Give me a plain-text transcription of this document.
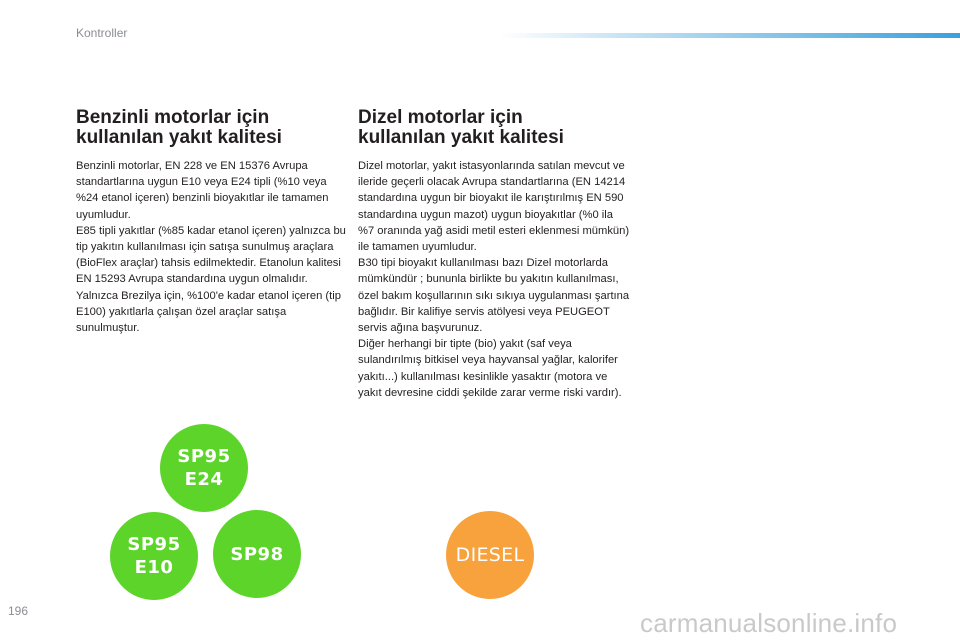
Kontroller
Benzinli motorlar için
kullanılan yakıt kalitesi

Benzinli motorlar, EN 228 ve EN 15376 Avrupa standartlarına uygun E10 veya E24 tipli (%10 veya %24 etanol içeren) benzinli bioyakıtlar ile tamamen uyumludur.
E85 tipli yakıtlar (%85 kadar etanol içeren) yalnızca bu tip yakıtın kullanılması için satışa sunulmuş araçlara (BioFlex araçlar) tahsis edilmektedir. Etanolun kalitesi EN 15293 Avrupa standardına uygun olmalıdır.
Yalnızca Brezilya için, %100'e kadar etanol içeren (tip E100) yakıtlarla çalışan özel araçlar satışa sunulmuştur.

Dizel motorlar için
kullanılan yakıt kalitesi

Dizel motorlar, yakıt istasyonlarında satılan mevcut ve ileride geçerli olacak Avrupa standartlarına (EN 14214 standardına uygun bir bioyakıt ile karıştırılmış EN 590 standardına uygun mazot) uygun bioyakıtlar (%0 ila %7 oranında yağ asidi metil esteri eklenmesi mümkün) ile tamamen uyumludur.
B30 tipi bioyakıt kullanılması bazı Dizel motorlarda mümkündür ; bununla birlikte bu yakıtın kullanılması, özel bakım koşullarının sıkı sıkıya uygulanması şartına bağlıdır. Bir kalifiye servis atölyesi veya PEUGEOT servis ağına başvurunuz.
Diğer herhangi bir tipte (bio) yakıt (saf veya sulandırılmış bitkisel veya hayvansal yağlar, kalorifer yakıtı...) kullanılması kesinlikle yasaktır (motora ve yakıt devresine ciddi şekilde zarar verme riski vardır).

SP95
E24
SP95
E10
SP98	DIESEL
196	carmanualsonline.info
